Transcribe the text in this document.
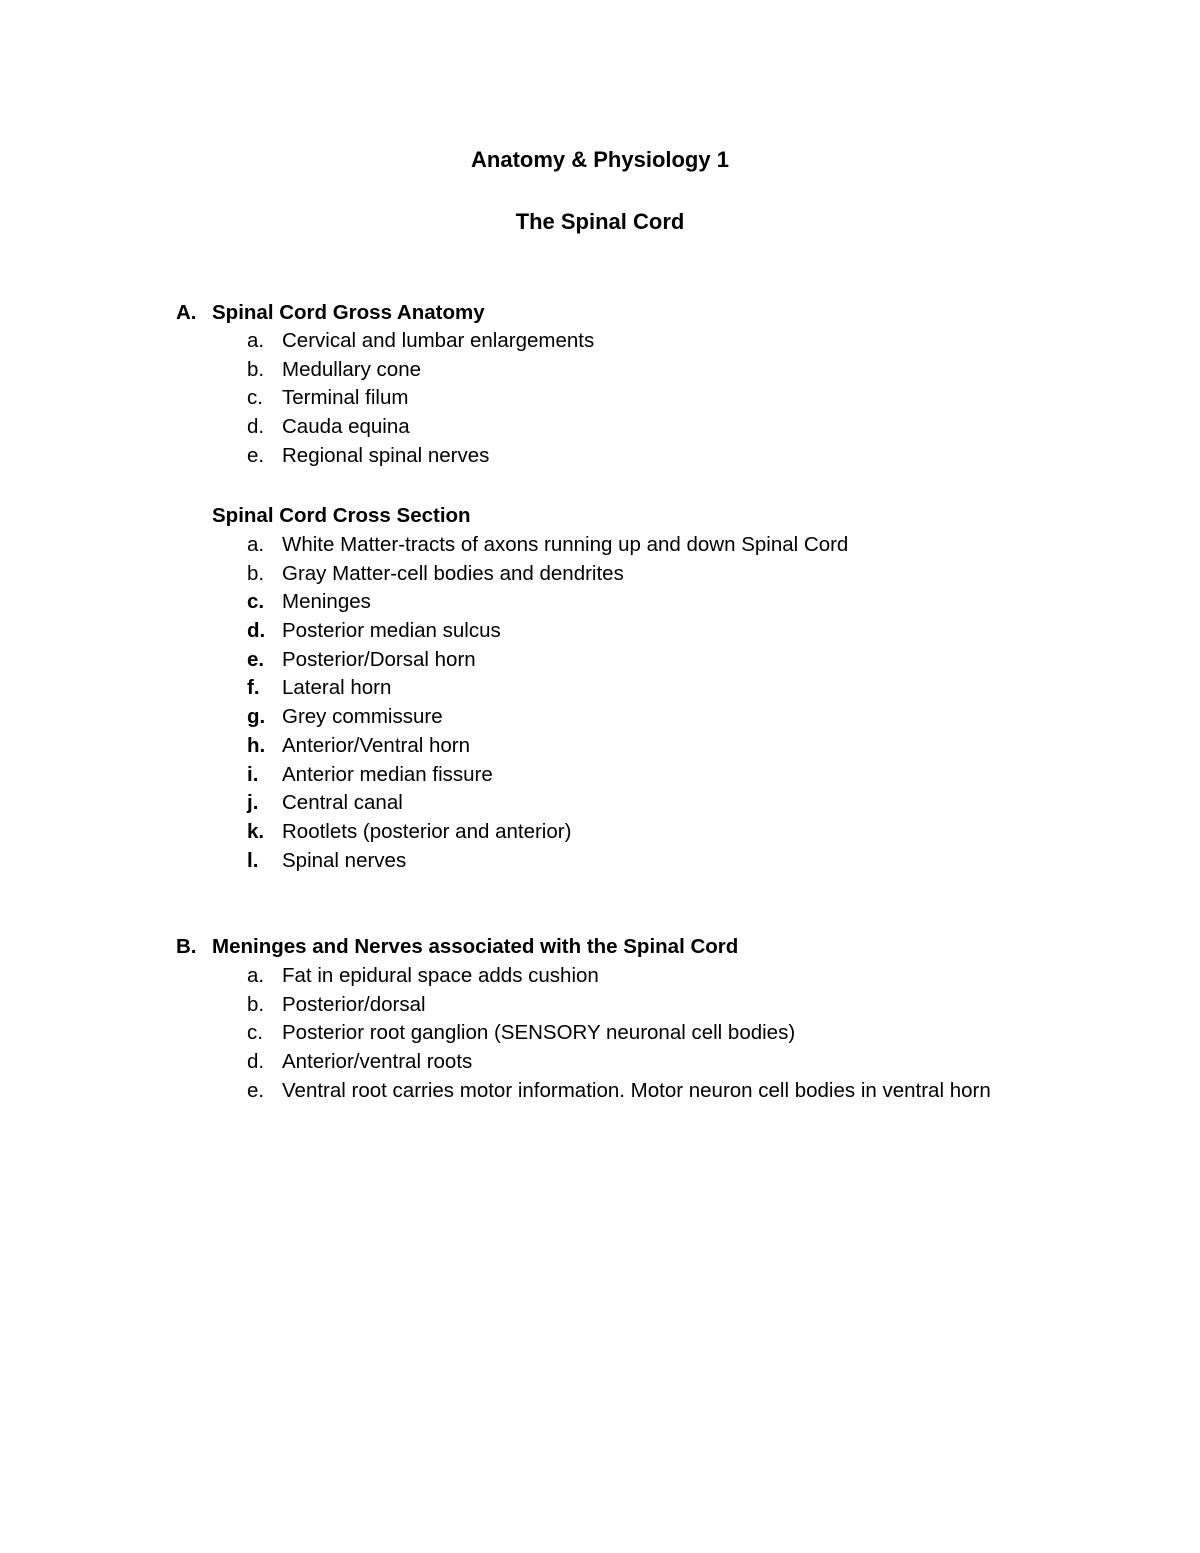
Anatomy & Physiology 1
The Spinal Cord
A. Spinal Cord Gross Anatomy
a. Cervical and lumbar enlargements
b. Medullary cone
c. Terminal filum
d. Cauda equina
e. Regional spinal nerves
Spinal Cord Cross Section
a. White Matter-tracts of axons running up and down Spinal Cord
b. Gray Matter-cell bodies and dendrites
c. Meninges
d. Posterior median sulcus
e. Posterior/Dorsal horn
f. Lateral horn
g. Grey commissure
h. Anterior/Ventral horn
i. Anterior median fissure
j. Central canal
k. Rootlets (posterior and anterior)
l. Spinal nerves
B. Meninges and Nerves associated with the Spinal Cord
a. Fat in epidural space adds cushion
b. Posterior/dorsal
c. Posterior root ganglion (SENSORY neuronal cell bodies)
d. Anterior/ventral roots
e. Ventral root carries motor information. Motor neuron cell bodies in ventral horn
